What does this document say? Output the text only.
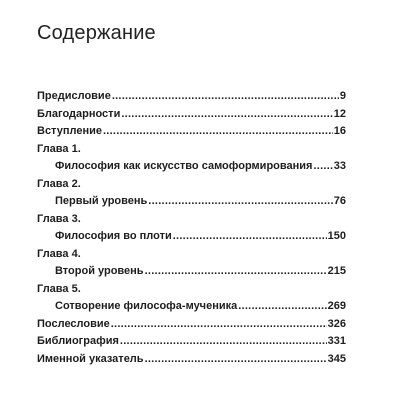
Содержание
Предисловие . . .	9
Благодарности . . .	12
Вступление . . .	16
Глава 1.
Философия как искусство самоформирования . . . 33
Глава 2.
Первый уровень . . .	76
Глава 3.
Философия во плоти . . .	150
Глава 4.
Второй уровень . . .	215
Глава 5.
Сотворение философа-мученика . . .	269
Послесловие . . .	326
Библиография . . .	331
Именной указатель . . .	345
